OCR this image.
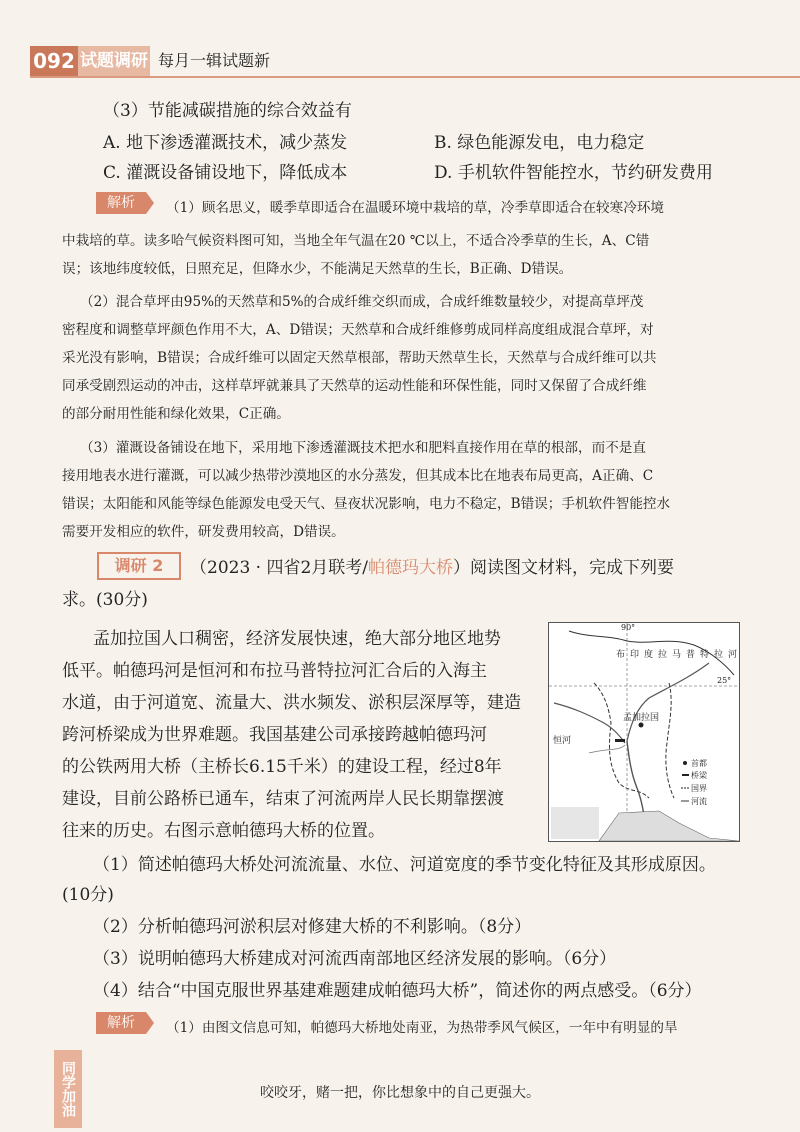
092 试题调研 每月一辑试题新
（3）节能减碳措施的综合效益有
A. 地下渗透灌溉技术，减少蒸发	B. 绿色能源发电，电力稳定
C. 灌溉设备铺设地下，降低成本	D. 手机软件智能控水，节约研发费用
解析	（1）顾名思义，暖季草即适合在温暖环境中栽培的草，冷季草即适合在较寒冷环境
中栽培的草。读多哈气候资料图可知，当地全年气温在20 ℃以上，不适合冷季草的生长，A、C错
误；该地纬度较低，日照充足，但降水少，不能满足天然草的生长，B正确、D错误。
（2）混合草坪由95%的天然草和5%的合成纤维交织而成，合成纤维数量较少，对提高草坪茂
密程度和调整草坪颜色作用不大，A、D错误；天然草和合成纤维修剪成同样高度组成混合草坪，对
采光没有影响，B错误；合成纤维可以固定天然草根部，帮助天然草生长，天然草与合成纤维可以共
同承受剧烈运动的冲击，这样草坪就兼具了天然草的运动性能和环保性能，同时又保留了合成纤维
的部分耐用性能和绿化效果，C正确。
（3）灌溉设备铺设在地下，采用地下渗透灌溉技术把水和肥料直接作用在草的根部，而不是直
接用地表水进行灌溉，可以减少热带沙漠地区的水分蒸发，但其成本比在地表布局更高，A正确、C
错误；太阳能和风能等绿色能源发电受天气、昼夜状况影响，电力不稳定，B错误；手机软件智能控水
需要开发相应的软件，研发费用较高，D错误。
调研 2	（2023 · 四省2月联考/帕德玛大桥）阅读图文材料，完成下列要
求。(30分)
孟加拉国人口稠密，经济发展快速，绝大部分地区地势
低平。帕德玛河是恒河和布拉马普特拉河汇合后的入海主
水道，由于河道宽、流量大、洪水频发、淤积层深厚等，建造
跨河桥梁成为世界难题。我国基建公司承接跨越帕德玛河
的公铁两用大桥（主桥长6.15千米）的建设工程，经过8年
建设，目前公路桥已通车，结束了河流两岸人民长期靠摆渡
往来的历史。右图示意帕德玛大桥的位置。
90°
25°
布 印 度 拉 马 普 特 拉 河
孟加拉国
恒河
首都
桥梁
国界
河流
（1）简述帕德玛大桥处河流流量、水位、河道宽度的季节变化特征及其形成原因。
(10分)
（2）分析帕德玛河淤积层对修建大桥的不利影响。（8分）
（3）说明帕德玛大桥建成对河流西南部地区经济发展的影响。（6分）
（4）结合“中国克服世界基建难题建成帕德玛大桥”，简述你的两点感受。（6分）
解析	（1）由图文信息可知，帕德玛大桥地处南亚，为热带季风气候区，一年中有明显的旱
同学加油	咬咬牙，赌一把，你比想象中的自己更强大。
